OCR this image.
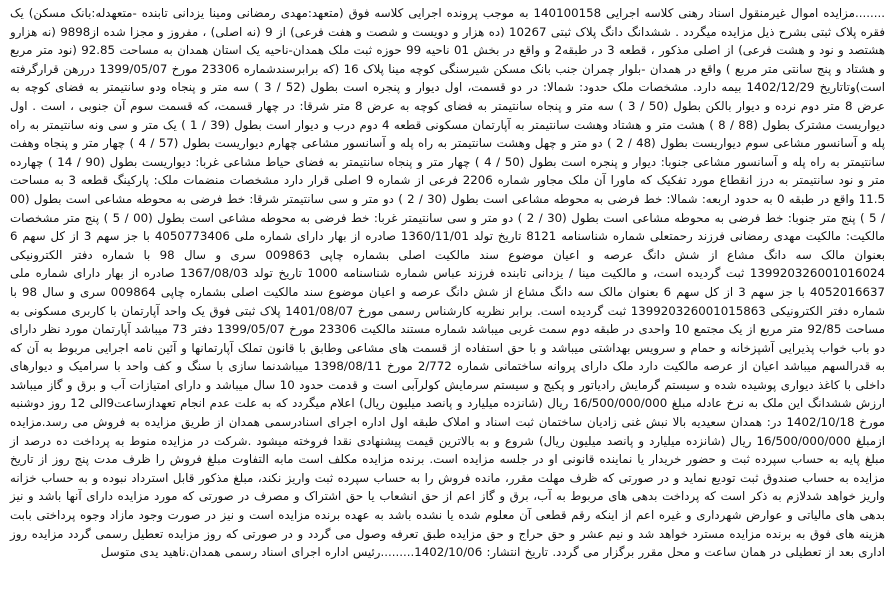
........مزایده اموال غیرمنقول اسناد رهنی کلاسه اجرایی 140100158 به موجب پرونده اجرایی کلاسه فوق (متعهد:مهدی رمضانی ومینا یزدانی تابنده -متعهدله:بانک مسکن) یک فقره پلاک ثبتی بشرح ذیل مزایده میگردد . ششدانگ دانگ پلاک ثبتی 10267 (ده هزار و دویست و شصت و هفت فرعی) از 9 (نه اصلی) ، مفروز و مجزا شده از9898 (نه هزارو هشتصد و نود و هشت فرعی) از اصلی مذکور ، قطعه 3 در طبقه2 و واقع در بخش 01 ناحیه 99 حوزه ثبت ملک همدان-ناحیه یک استان همدان به مساحت 92.85 (نود متر مربع و هشتاد و پنج سانتی متر مربع ) واقع در همدان -بلوار چمران جنب بانک مسکن شیرسنگی کوچه مینا پلاک 16 (که برابرسندشماره 23306 مورخ 1399/05/07 دررهن قرارگرفته است)وتاتاریخ 1402/12/29 بیمه دارد. مشخصات ملک حدود: شمالا: در دو قسمت، اول دیوار و پنجره است بطول (52 / 3 ) سه متر و پنجاه ودو سانتیمتر به فضای کوچه به عرض 8 متر دوم نرده و دیوار بالکن بطول (50 / 3 ) سه متر و پنجاه سانتیمتر به فضای کوچه به عرض 8 متر شرقا: در چهار قسمت، که قسمت سوم آن جنوبی ، است . اول دیواریست مشترک بطول (88 / 8 ) هشت متر و هشتاد وهشت سانتیمتر به آپارتمان مسکونی قطعه 4 دوم درب و دیوار است بطول (39 / 1 ) یک متر و سی ونه سانتیمتر به راه پله و آسانسور مشاعی سوم دیواریست بطول (48 / 2 ) دو متر و چهل وهشت سانتیمتر به راه پله و آسانسور مشاعی چهارم دیواریست بطول (57 / 4 ) چهار متر و پنجاه وهفت سانتیمتر به راه پله و آسانسور مشاعی جنوبا: دیوار و پنجره است بطول (50 / 4 ) چهار متر و پنجاه سانتیمتر به فضای حیاط مشاعی غربا: دیواریست بطول (90 / 14 ) چهارده متر و نود سانتیمتر به درز انقطاع مورد تفکیک که ماورا آن ملک مجاور شماره 2206 فرعی از شماره 9 اصلی قرار دارد مشخصات منضمات ملک: پارکینگ قطعه 3 به مساحت 11.5 واقع در طبقه 0 به حدود اربعه: شمالا: خط فرضی به محوطه مشاعی است بطول (30 / 2 ) دو متر و سی سانتیمتر شرقا: خط فرضی به محوطه مشاعی است بطول (00 / 5 ) پنج متر جنوبا: خط فرضی به محوطه مشاعی است بطول (30 / 2 ) دو متر و سی سانتیمتر غربا: خط فرضی به محوطه مشاعی است بطول (00 / 5 ) پنج متر مشخصات مالکیت: مالکیت مهدی رمضانی فرزند رحمتعلی شماره شناسنامه 8121 تاریخ تولد 1360/11/01 صادره از بهار دارای شماره ملی 4050773406 با جز سهم 3 از کل سهم 6 بعنوان مالک سه دانگ مشاع از شش دانگ عرصه و اعیان موضوع سند مالکیت اصلی بشماره چاپی 009863 سری و سال 98 با شماره دفتر الکترونیکی 139920326001016024 ثبت گردیده است، و مالکیت مینا / یزدانی تابنده فرزند عباس شماره شناسنامه 1000 تاریخ تولد 1367/08/03 صادره از بهار دارای شماره ملی 4052016637 با جز سهم 3 از کل سهم 6 بعنوان مالک سه دانگ مشاع از شش دانگ عرصه و اعیان موضوع سند مالکیت اصلی بشماره چاپی 009864 سری و سال 98 با شماره دفتر الکترونیکی 139920326001015863 ثبت گردیده است. برابر نظریه کارشناس رسمی مورخ 1401/08/07 پلاک ثبتی فوق یک واحد آپارتمان با کاربری مسکونی به مساحت 92/85 متر مربع از یک مجتمع 10 واحدی در طبقه دوم سمت غربی میباشد شماره مستند مالکیت 23306 مورخ 1399/05/07 دفتر 73 میباشد آپارتمان مورد نظر دارای دو باب خواب پذیرایی آشپزخانه و حمام و سرویس بهداشتی میباشد و با حق استفاده از قسمت های مشاعی وطابق با قانون تملک آپارتمانها و آئین نامه اجرایی مربوط به آن که به قدرالسهم میباشد اعیان از عرصه مالکیت دارد ملک دارای پروانه ساختمانی شماره 2/772 مورخ 1398/08/11 میباشدنما سازی با سنگ و کف واحد با سرامیک و دیوارهای داخلی با کاغذ دیواری پوشیده شده و سیستم گرمایش رادیاتور و پکیج و سیستم سرمایش کولرآبی است و قدمت حدود 10 سال میباشد و دارای امتیازات آب و برق و گاز میباشد ارزش ششدانگ این ملک به نرخ عادله مبلغ 16/500/000/000 ریال (شانزده میلیارد و پانصد میلیون ریال) اعلام میگردد که به علت عدم انجام تعهدازساعت9الی 12 روز دوشنبه مورخ 1402/10/18 در: همدان سعیدیه بالا نبش غنی زادیان ساختمان ثبت اسناد و املاک طبقه اول اداره اجرای اسنادرسمی همدان از طریق مزایده به فروش می رسد.مزایده ازمبلغ 16/500/000/000 ریال (شانزده میلیارد و پانصد میلیون ریال) شروع و به بالاترین قیمت پیشنهادی نقدا فروخته میشود .شرکت در مزایده منوط به پرداخت ده درصد از مبلغ پایه به حساب سپرده ثبت و حضور خریدار یا نماینده قانونی او در جلسه مزایده است. برنده مزایده مکلف است مابه التفاوت مبلغ فروش را ظرف مدت پنج روز از تاریخ مزایده به حساب صندوق ثبت تودیع نماید و در صورتی که ظرف مهلت مقرر، مانده فروش را به حساب سپرده ثبت واریز نکند، مبلغ مذکور قابل استرداد نبوده و به حساب خزانه واریز خواهد شدلازم به ذکر است که پرداخت بدهی های مربوط به آب، برق و گاز اعم از حق انشعاب یا حق اشتراک و مصرف در صورتی که مورد مزایده دارای آنها باشد و نیز بدهی های مالیاتی و عوارض شهرداری و غیره اعم از اینکه رقم قطعی آن معلوم شده یا نشده باشد به عهده برنده مزایده است و نیز در صورت وجود مازاد وجوه پرداختی بابت هزینه های فوق به برنده مزایده مسترد خواهد شد و نیم عشر و حق حراج و حق مزایده طبق تعرفه وصول می گردد و در صورتی که روز مزایده تعطیل رسمی گردد مزایده روز اداری بعد از تعطیلی در همان ساعت و محل مقرر برگزار می گردد. تاریخ انتشار: 1402/10/06.........رئیس اداره اجرای اسناد رسمی همدان.ناهید یدی متوسل
